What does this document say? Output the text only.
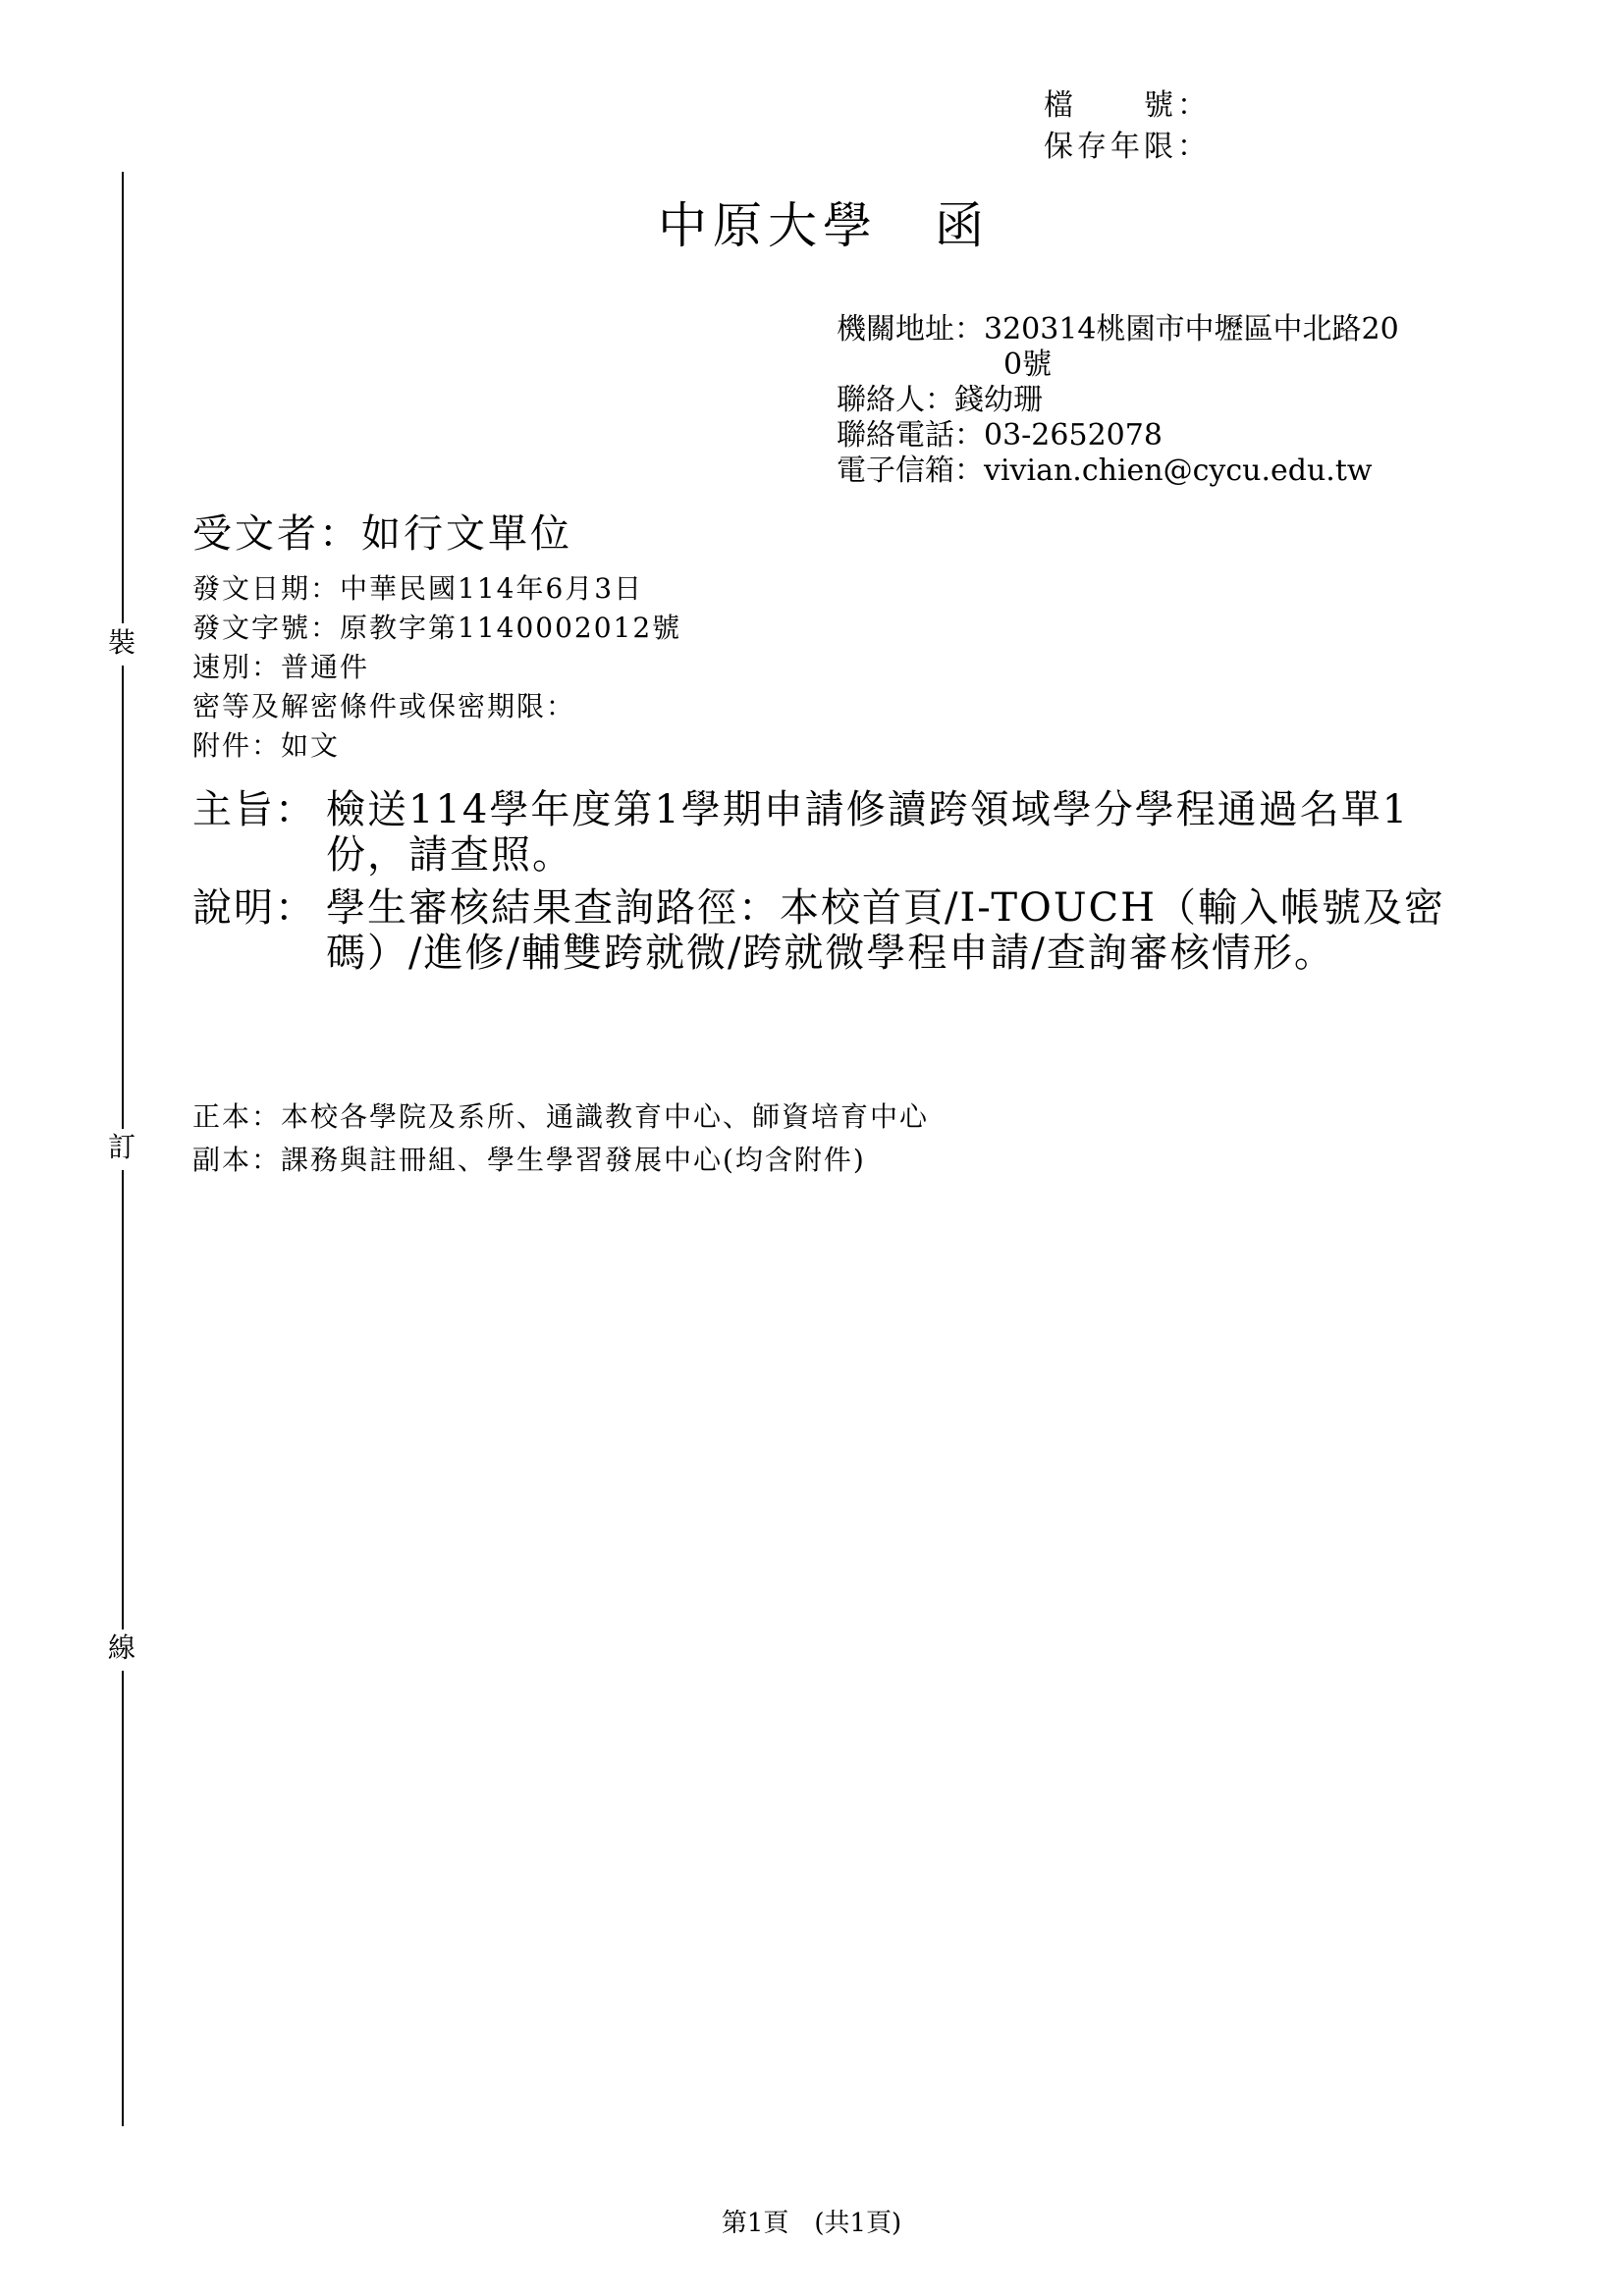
檔　　號：
保存年限：
裝
訂
線
中原大學 函
機關地址：320314桃園市中壢區中北路20
0號
聯絡人：錢幼珊
聯絡電話：03-2652078
電子信箱：vivian.chien@cycu.edu.tw
受文者：如行文單位
發文日期：中華民國114年6月3日
發文字號：原教字第1140002012號
速別：普通件
密等及解密條件或保密期限：
附件：如文
主旨： 檢送114學年度第1學期申請修讀跨領域學分學程通過名單1份，請查照。
說明： 學生審核結果查詢路徑：本校首頁/I-TOUCH（輸入帳號及密碼）/進修/輔雙跨就微/跨就微學程申請/查詢審核情形。
正本：本校各學院及系所、通識教育中心、師資培育中心
副本：課務與註冊組、學生學習發展中心(均含附件)
第1頁　(共1頁)
